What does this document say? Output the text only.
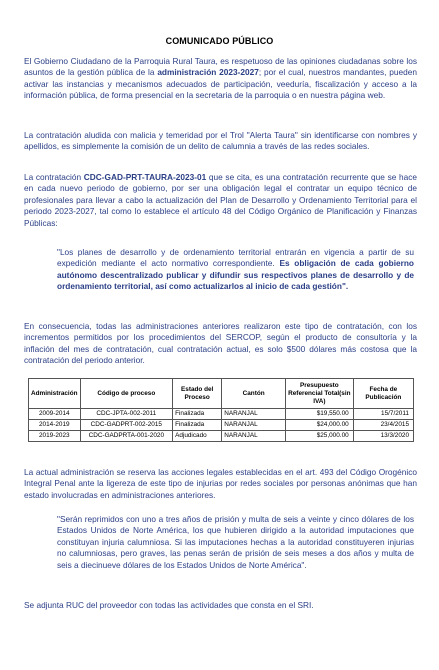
COMUNICADO PÚBLICO

El Gobierno Ciudadano de la Parroquia Rural Taura, es respetuoso de las opiniones ciudadanas sobre los asuntos de la gestión pública de la administración 2023-2027; por el cual, nuestros mandantes, pueden activar las instancias y mecanismos adecuados de participación, veeduría, fiscalización y acceso a la información pública, de forma presencial en la secretaria de la parroquia o en nuestra página web.

La contratación aludida con malicia y temeridad por el Trol "Alerta Taura" sin identificarse con nombres y apellidos, es simplemente la comisión de un delito de calumnia a través de las redes sociales.

La contratación CDC-GAD-PRT-TAURA-2023-01 que se cita, es una contratación recurrente que se hace en cada nuevo periodo de gobierno, por ser una obligación legal el contratar un equipo técnico de profesionales para llevar a cabo la actualización del Plan de Desarrollo y Ordenamiento Territorial para el periodo 2023-2027, tal como lo establece el artículo 48 del Código Orgánico de Planificación y Finanzas Públicas:

"Los planes de desarrollo y de ordenamiento territorial entrarán en vigencia a partir de su expedición mediante el acto normativo correspondiente. Es obligación de cada gobierno autónomo descentralizado publicar y difundir sus respectivos planes de desarrollo y de ordenamiento territorial, así como actualizarlos al inicio de cada gestión".

En consecuencia, todas las administraciones anteriores realizaron este tipo de contratación, con los incrementos permitidos por los procedimientos del SERCOP, según el producto de consultoría y la inflación del mes de contratación, cual contratación actual, es solo $500 dólares más costosa que la contratación del periodo anterior.

Administración	Código de proceso	Estado del Proceso	Cantón	Presupuesto Referencial Total(sin IVA)	Fecha de Publicación
2009-2014	CDC-JPTA-002-2011	Finalizada	NARANJAL	$19,550.00	15/7/2011
2014-2019	CDC-GADPRT-002-2015	Finalizada	NARANJAL	$24,000.00	23/4/2015
2019-2023	CDC-GADPRTA-001-2020	Adjudicado	NARANJAL	$25,000.00	13/3/2020

La actual administración se reserva las acciones legales establecidas en el art. 493 del Código Orogénico Integral Penal ante la ligereza de este tipo de injurias por redes sociales por personas anónimas que han estado involucradas en administraciones anteriores.

"Serán reprimidos con uno a tres años de prisión y multa de seis a veinte y cinco dólares de los Estados Unidos de Norte América, los que hubieren dirigido a la autoridad imputaciones que constituyan injuria calumniosa. Si las imputaciones hechas a la autoridad constituyeren injurias no calumniosas, pero graves, las penas serán de prisión de seis meses a dos años y multa de seis a diecinueve dólares de los Estados Unidos de Norte América".

Se adjunta RUC del proveedor con todas las actividades que consta en el SRI.
